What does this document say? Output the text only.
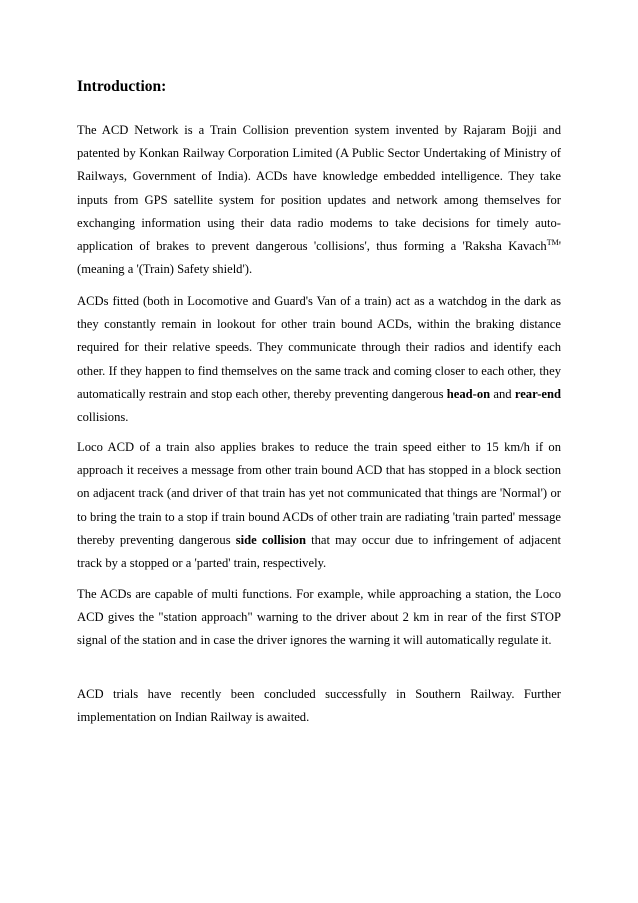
Introduction:

The ACD Network is a Train Collision prevention system invented by Rajaram Bojji and patented by Konkan Railway Corporation Limited (A Public Sector Undertaking of Ministry of Railways, Government of India). ACDs have knowledge embedded intelligence. They take inputs from GPS satellite system for position updates and network among themselves for exchanging information using their data radio modems to take decisions for timely auto-application of brakes to prevent dangerous 'collisions', thus forming a 'Raksha Kavach™' (meaning a '(Train) Safety shield').

ACDs fitted (both in Locomotive and Guard's Van of a train) act as a watchdog in the dark as they constantly remain in lookout for other train bound ACDs, within the braking distance required for their relative speeds. They communicate through their radios and identify each other. If they happen to find themselves on the same track and coming closer to each other, they automatically restrain and stop each other, thereby preventing dangerous head-on and rear-end collisions.

Loco ACD of a train also applies brakes to reduce the train speed either to 15 km/h if on approach it receives a message from other train bound ACD that has stopped in a block section on adjacent track (and driver of that train has yet not communicated that things are 'Normal') or to bring the train to a stop if train bound ACDs of other train are radiating 'train parted' message thereby preventing dangerous side collision that may occur due to infringement of adjacent track by a stopped or a 'parted' train, respectively.

The ACDs are capable of multi functions. For example, while approaching a station, the Loco ACD gives the "station approach" warning to the driver about 2 km in rear of the first STOP signal of the station and in case the driver ignores the warning it will automatically regulate it.

ACD trials have recently been concluded successfully in Southern Railway. Further implementation on Indian Railway is awaited.
